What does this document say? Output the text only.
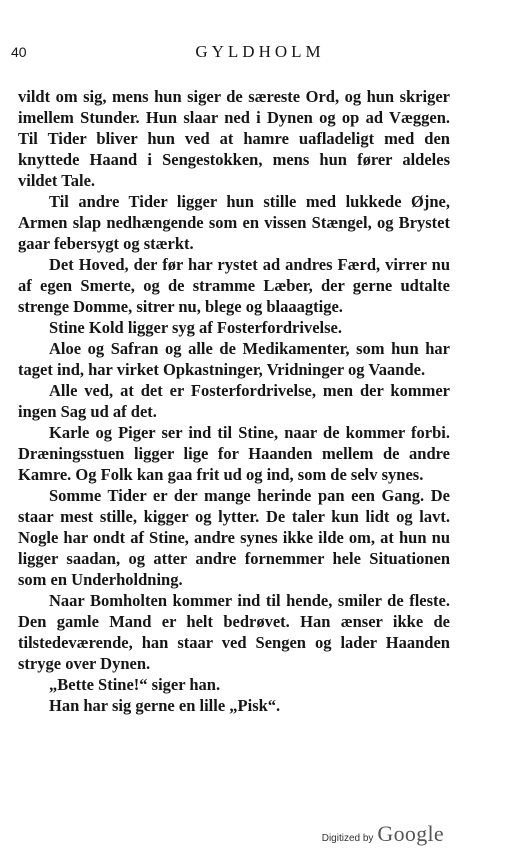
40	GYLDHOLM

vildt om sig, mens hun siger de særeste Ord, og hun skriger imellem Stunder. Hun slaar ned i Dynen og op ad Væggen. Til Tider bliver hun ved at hamre uafladeligt med den knyttede Haand i Sengestokken, mens hun fører aldeles vildet Tale.

Til andre Tider ligger hun stille med lukkede Øjne, Armen slap nedhængende som en vissen Stængel, og Brystet gaar febersygt og stærkt.

Det Hoved, der før har rystet ad andres Færd, virrer nu af egen Smerte, og de stramme Læber, der gerne udtalte strenge Domme, sitrer nu, blege og blaaagtige.

Stine Kold ligger syg af Fosterfordrivelse.

Aloe og Safran og alle de Medikamenter, som hun har taget ind, har virket Opkastninger, Vridninger og Vaande.

Alle ved, at det er Fosterfordrivelse, men der kommer ingen Sag ud af det.

Karle og Piger ser ind til Stine, naar de kommer forbi. Dræningsstuen ligger lige for Haanden mellem de andre Kamre. Og Folk kan gaa frit ud og ind, som de selv synes.

Somme Tider er der mange herinde pan een Gang. De staar mest stille, kigger og lytter. De taler kun lidt og lavt. Nogle har ondt af Stine, andre synes ikke ilde om, at hun nu ligger saadan, og atter andre fornemmer hele Situationen som en Underholdning.

Naar Bomholten kommer ind til hende, smiler de fleste. Den gamle Mand er helt bedrøvet. Han ænser ikke de tilstedeværende, han staar ved Sengen og lader Haanden stryge over Dynen.

„Bette Stine!“ siger han.

Han har sig gerne en lille „Pisk“.

Digitized by Google
